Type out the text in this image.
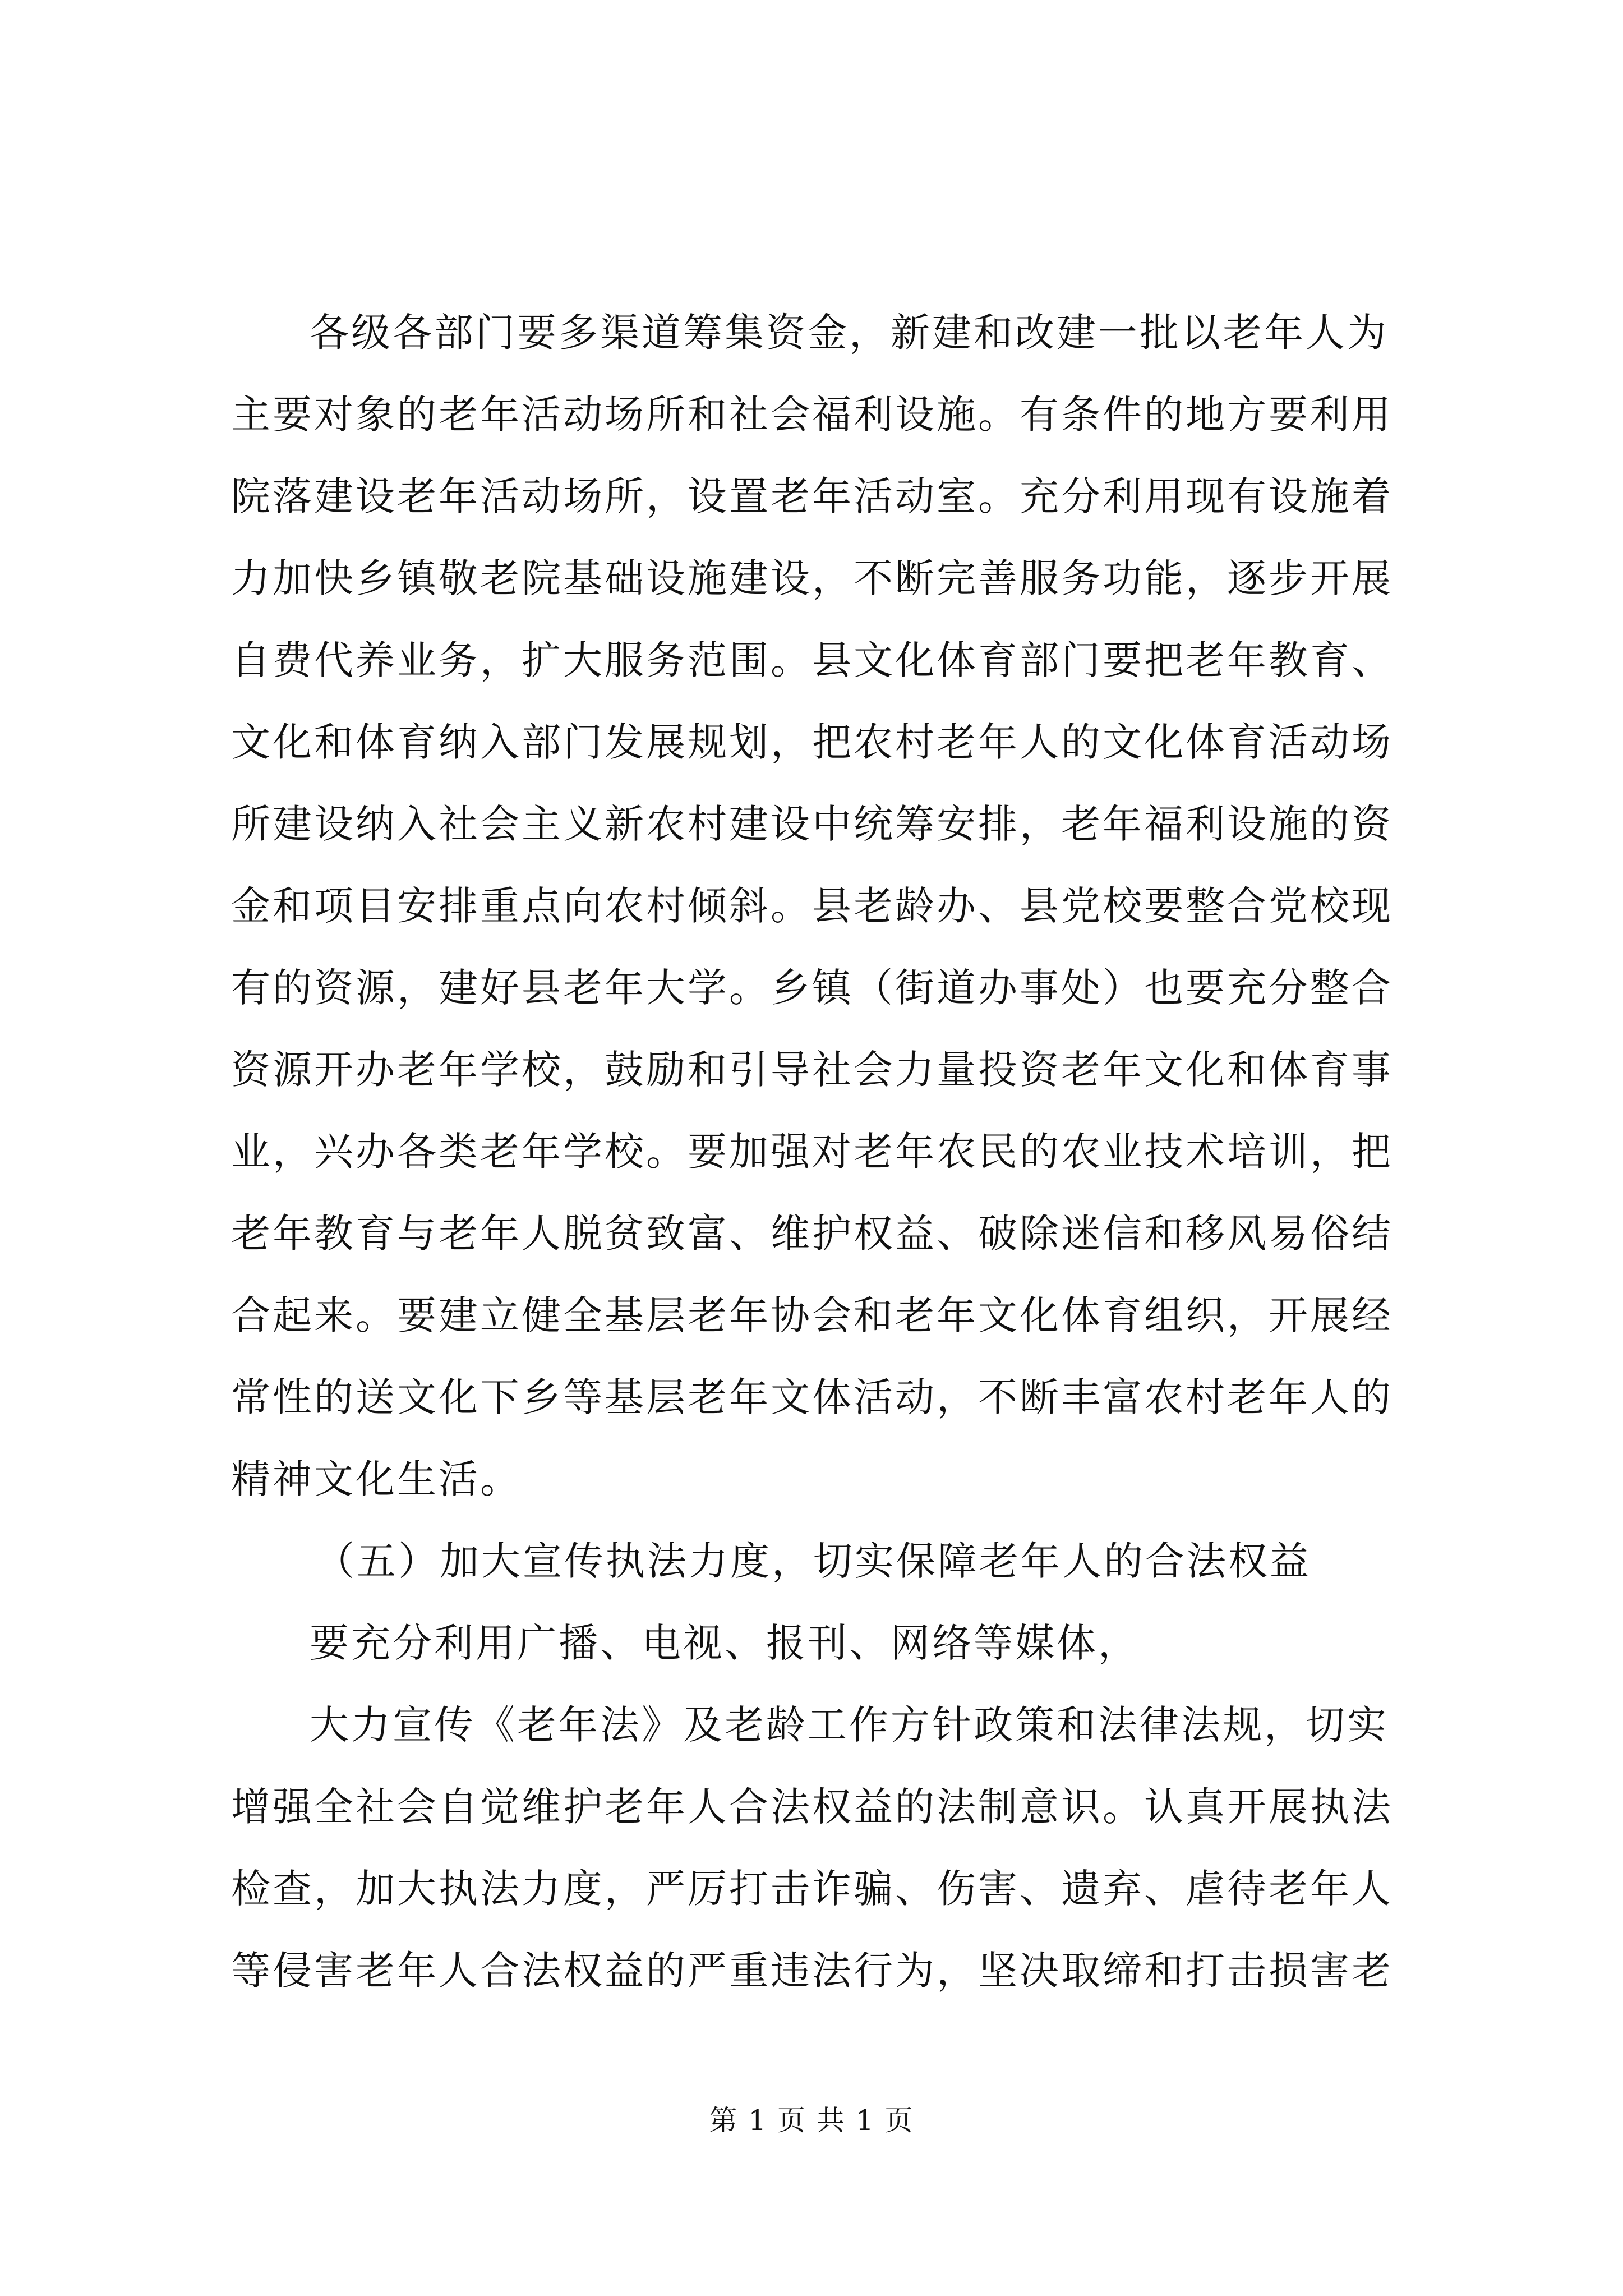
各级各部门要多渠道筹集资金，新建和改建一批以老年人为
主要对象的老年活动场所和社会福利设施。有条件的地方要利用
院落建设老年活动场所，设置老年活动室。充分利用现有设施着
力加快乡镇敬老院基础设施建设，不断完善服务功能，逐步开展
自费代养业务，扩大服务范围。县文化体育部门要把老年教育、
文化和体育纳入部门发展规划，把农村老年人的文化体育活动场
所建设纳入社会主义新农村建设中统筹安排，老年福利设施的资
金和项目安排重点向农村倾斜。县老龄办、县党校要整合党校现
有的资源，建好县老年大学。乡镇（街道办事处）也要充分整合
资源开办老年学校，鼓励和引导社会力量投资老年文化和体育事
业，兴办各类老年学校。要加强对老年农民的农业技术培训，把
老年教育与老年人脱贫致富、维护权益、破除迷信和移风易俗结
合起来。要建立健全基层老年协会和老年文化体育组织，开展经
常性的送文化下乡等基层老年文体活动，不断丰富农村老年人的
精神文化生活。
（五）加大宣传执法力度，切实保障老年人的合法权益
要充分利用广播、电视、报刊、网络等媒体，
大力宣传《老年法》及老龄工作方针政策和法律法规，切实
增强全社会自觉维护老年人合法权益的法制意识。认真开展执法
检查，加大执法力度，严厉打击诈骗、伤害、遗弃、虐待老年人
等侵害老年人合法权益的严重违法行为，坚决取缔和打击损害老
第 1 页 共 1 页
